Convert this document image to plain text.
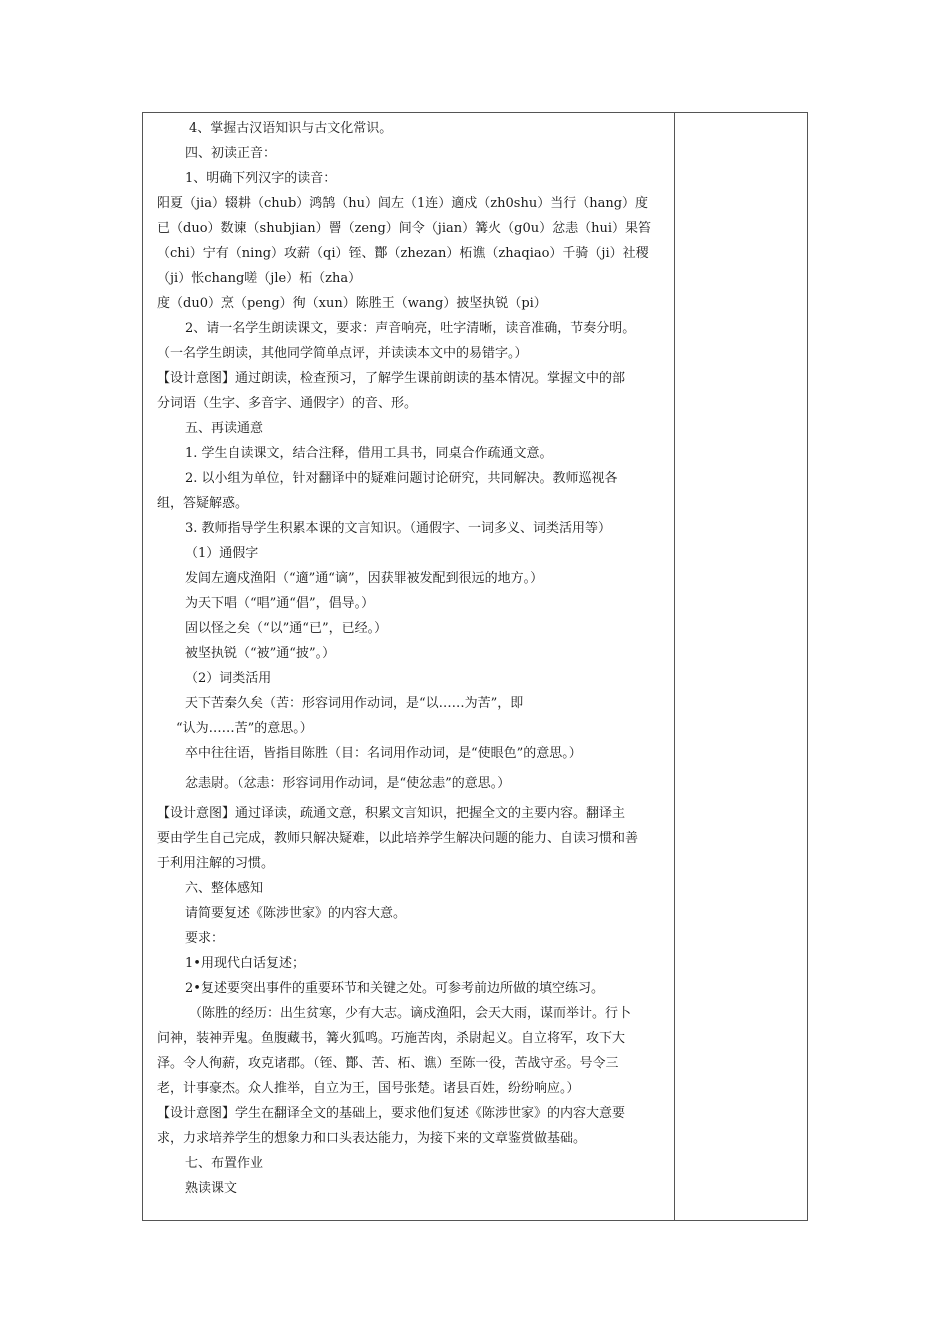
4、掌握古汉语知识与古文化常识。
四、初读正音：
1、明确下列汉字的读音：
阳夏（jia）辍耕（chub）鸿鹄（hu）闾左（1连）適戍（zh0shu）当行（hang）度
已（duo）数谏（shubjian）罾（zeng）间令（jian）篝火（g0u）忿恚（hui）果笞
（chi）宁有（ning）攻薪（qi）铚、酇（zhezan）柘谯（zhaqiao）千骑（ji）社稷
（ji）怅chang嗟（jle）柘（zha）
度（du0）烹（peng）徇（xun）陈胜王（wang）披坚执锐（pi）
2、请一名学生朗读课文，要求：声音响亮，吐字清晰，读音准确，节奏分明。
（一名学生朗读，其他同学简单点评，并读读本文中的易错字。）
【设计意图】通过朗读，检查预习，了解学生课前朗读的基本情况。掌握文中的部
分词语（生字、多音字、通假字）的音、形。
五、再读通意
1. 学生自读课文，结合注释，借用工具书，同桌合作疏通文意。
2. 以小组为单位，针对翻译中的疑难问题讨论研究，共同解决。教师巡视各
组，答疑解惑。
3. 教师指导学生积累本课的文言知识。（通假字、一词多义、词类活用等）
（1）通假字
发闾左適戍渔阳（“適”通“谪”，因获罪被发配到很远的地方。）
为天下唱（“唱”通“倡”，倡导。）
固以怪之矣（“以”通“已”，已经。）
被坚执锐（“被”通“披”。）
（2）词类活用
天下苦秦久矣（苦：形容词用作动词，是“以……为苦”，即
“认为……苦”的意思。）
卒中往往语，皆指目陈胜（目：名词用作动词，是“使眼色”的意思。）
忿恚尉。（忿恚：形容词用作动词，是“使忿恚”的意思。）
【设计意图】通过译读，疏通文意，积累文言知识，把握全文的主要内容。翻译主
要由学生自己完成，教师只解决疑难，以此培养学生解决问题的能力、自读习惯和善
于利用注解的习惯。
六、整体感知
请简要复述《陈涉世家》的内容大意。
要求：
1•用现代白话复述；
2•复述要突出事件的重要环节和关键之处。可参考前边所做的填空练习。
（陈胜的经历：出生贫寒，少有大志。谪戍渔阳，会天大雨，谋而举计。行卜
问神，装神弄鬼。鱼腹藏书，篝火狐鸣。巧施苦肉，杀尉起义。自立将军，攻下大
泽。令人徇薪，攻克诸郡。（铚、酇、苦、柘、谯）至陈一役，苦战守丞。号令三
老，计事豪杰。众人推举，自立为王，国号张楚。诸县百姓，纷纷响应。）
【设计意图】学生在翻译全文的基础上，要求他们复述《陈涉世家》的内容大意要
求，力求培养学生的想象力和口头表达能力，为接下来的文章鉴赏做基础。
七、布置作业
熟读课文
